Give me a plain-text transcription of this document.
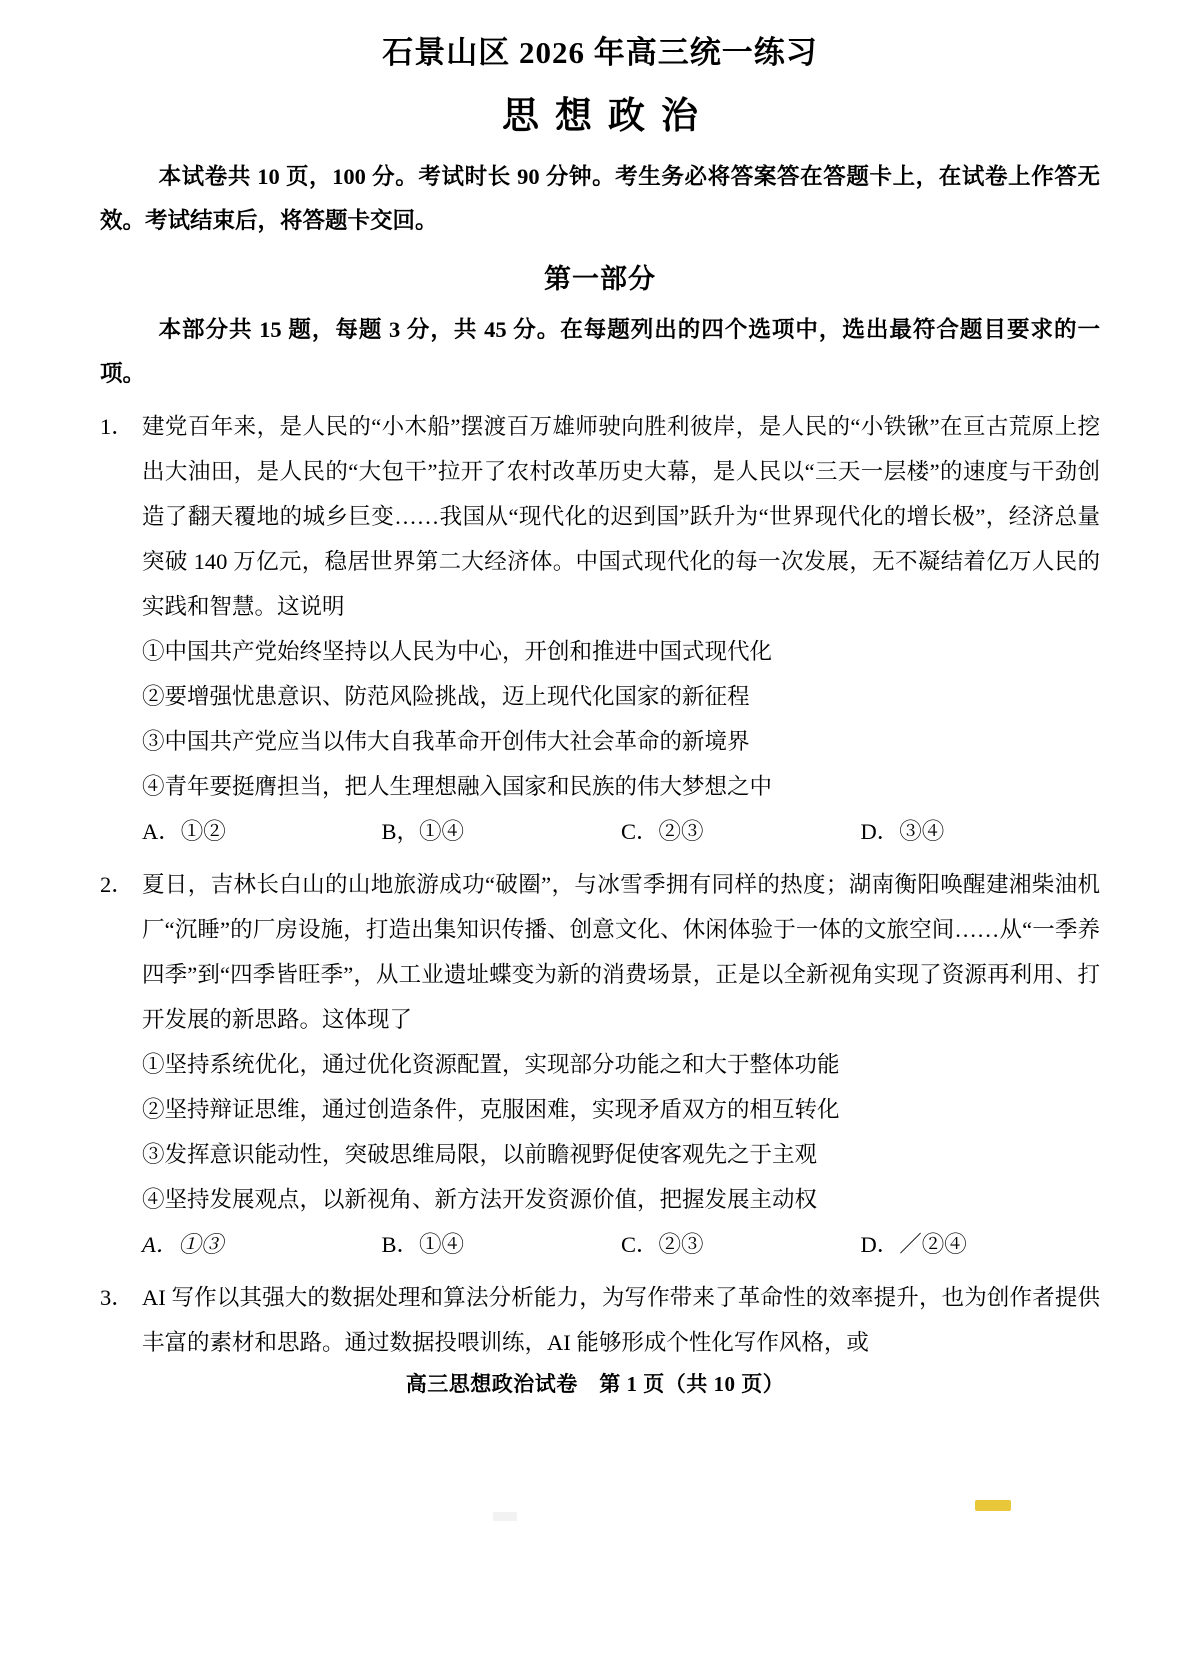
石景山区 2026 年高三统一练习
思想政治

本试卷共 10 页，100 分。考试时长 90 分钟。考生务必将答案答在答题卡上，在试卷上作答无效。考试结束后，将答题卡交回。

第一部分

本部分共 15 题，每题 3 分，共 45 分。在每题列出的四个选项中，选出最符合题目要求的一项。

1． 建党百年来，是人民的“小木船”摆渡百万雄师驶向胜利彼岸，是人民的“小铁锹”在亘古荒原上挖出大油田，是人民的“大包干”拉开了农村改革历史大幕，是人民以“三天一层楼”的速度与干劲创造了翻天覆地的城乡巨变……我国从“现代化的迟到国”跃升为“世界现代化的增长极”，经济总量突破 140 万亿元，稳居世界第二大经济体。中国式现代化的每一次发展，无不凝结着亿万人民的实践和智慧。这说明
①中国共产党始终坚持以人民为中心，开创和推进中国式现代化
②要增强忧患意识、防范风险挑战，迈上现代化国家的新征程
③中国共产党应当以伟大自我革命开创伟大社会革命的新境界
④青年要挺膺担当，把人生理想融入国家和民族的伟大梦想之中
A．①②	B，①④	C．②③	D．③④
2． 夏日，吉林长白山的山地旅游成功“破圈”，与冰雪季拥有同样的热度；湖南衡阳唤醒建湘柴油机厂“沉睡”的厂房设施，打造出集知识传播、创意文化、休闲体验于一体的文旅空间……从“一季养四季”到“四季皆旺季”，从工业遗址蝶变为新的消费场景，正是以全新视角实现了资源再利用、打开发展的新思路。这体现了
①坚持系统优化，通过优化资源配置，实现部分功能之和大于整体功能
②坚持辩证思维，通过创造条件，克服困难，实现矛盾双方的相互转化
③发挥意识能动性，突破思维局限，以前瞻视野促使客观先之于主观
④坚持发展观点，以新视角、新方法开发资源价值，把握发展主动权
A．①③	B．①④	C．②③	D．／②④
3． AI 写作以其强大的数据处理和算法分析能力，为写作带来了革命性的效率提升，也为创作者提供丰富的素材和思路。通过数据投喂训练，AI 能够形成个性化写作风格，或
高三思想政治试卷　第 1 页（共 10 页）
